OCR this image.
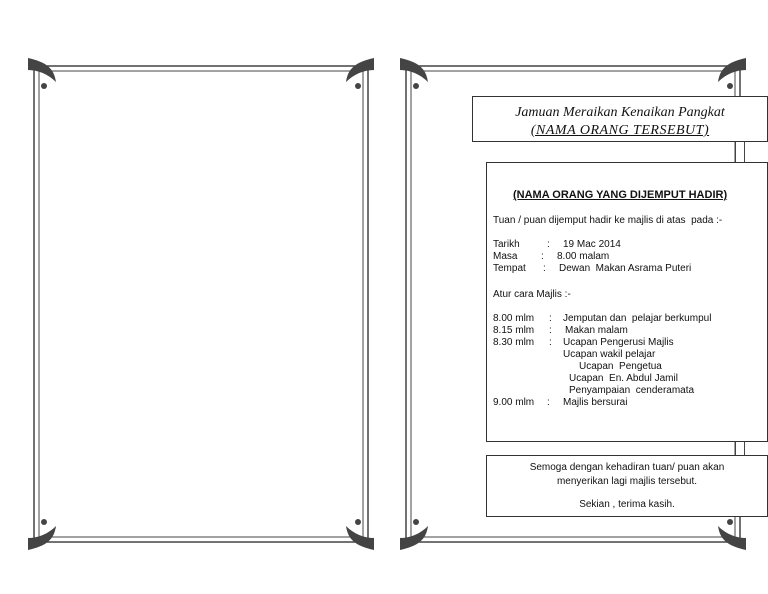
Jamuan Meraikan Kenaikan Pangkat
(NAMA ORANG TERSEBUT)
(NAMA ORANG YANG DIJEMPUT HADIR)
Tuan / puan dijemput hadir ke majlis di atas  pada :-
Tarikh	: 19 Mac 2014
Masa : 8.00 malam
Tempat : Dewan  Makan Asrama Puteri
Atur cara Majlis :-
8.00 mlm : Jemputan dan  pelajar berkumpul
8.15 mlm : Makan malam
8.30 mlm : Ucapan Pengerusi Majlis
Ucapan wakil pelajar
Ucapan  Pengetua
Ucapan  En. Abdul Jamil
Penyampaian  cenderamata
9.00 mlm : Majlis bersurai
Semoga dengan kehadiran tuan/ puan akan
menyerikan lagi majlis tersebut.
Sekian , terima kasih.
